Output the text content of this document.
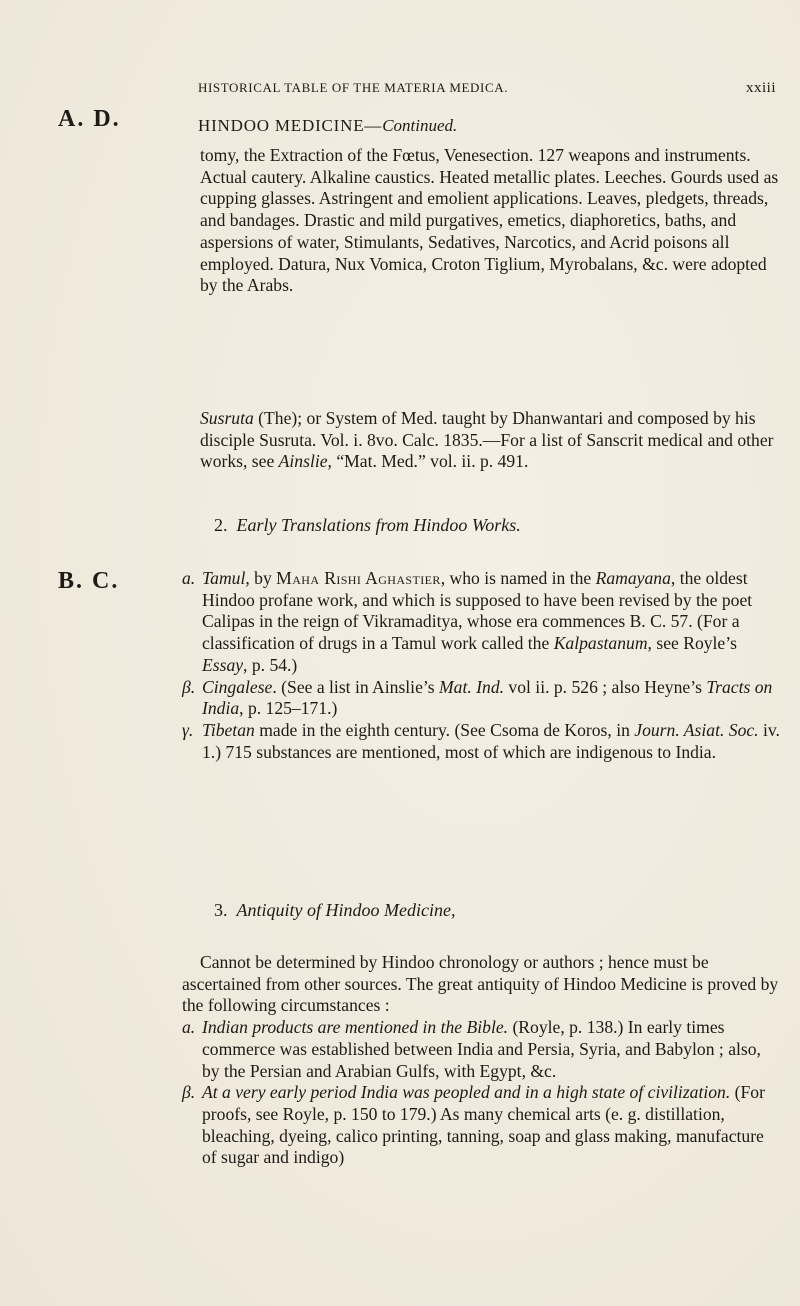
HISTORICAL TABLE OF THE MATERIA MEDICA.	xxiii
A. D.
B. C.
HINDOO MEDICINE—Continued.

tomy, the Extraction of the Fœtus, Venesection. 127 weapons and instruments. Actual cautery. Alkaline caustics. Heated metallic plates. Leeches. Gourds used as cupping glasses. Astringent and emolient applications. Leaves, pledgets, threads, and bandages. Drastic and mild purgatives, emetics, diaphoretics, baths, and aspersions of water, Stimulants, Sedatives, Narcotics, and Acrid poisons all employed. Datura, Nux Vomica, Croton Tiglium, Myrobalans, &c. were adopted by the Arabs.

Susruta (The); or System of Med. taught by Dhanwantari and composed by his disciple Susruta. Vol. i. 8vo. Calc. 1835.—For a list of Sanscrit medical and other works, see Ainslie, “Mat. Med.” vol. ii. p. 491.

2. Early Translations from Hindoo Works.

a. Tamul, by Maha Rishi Aghastier, who is named in the Ramayana, the oldest Hindoo profane work, and which is supposed to have been revised by the poet Calipas in the reign of Vikramaditya, whose era commences B. C. 57. (For a classification of drugs in a Tamul work called the Kalpastanum, see Royle’s Essay, p. 54.)

β. Cingalese. (See a list in Ainslie’s Mat. Ind. vol ii. p. 526 ; also Heyne’s Tracts on India, p. 125–171.)

γ. Tibetan made in the eighth century. (See Csoma de Koros, in Journ. Asiat. Soc. iv. 1.) 715 substances are mentioned, most of which are indigenous to India.

3. Antiquity of Hindoo Medicine,

Cannot be determined by Hindoo chronology or authors ; hence must be ascertained from other sources. The great antiquity of Hindoo Medicine is proved by the following circumstances :

a. Indian products are mentioned in the Bible. (Royle, p. 138.) In early times commerce was established between India and Persia, Syria, and Babylon ; also, by the Persian and Arabian Gulfs, with Egypt, &c.

β. At a very early period India was peopled and in a high state of civilization. (For proofs, see Royle, p. 150 to 179.) As many chemical arts (e. g. distillation, bleaching, dyeing, calico printing, tanning, soap and glass making, manufacture of sugar and indigo)
